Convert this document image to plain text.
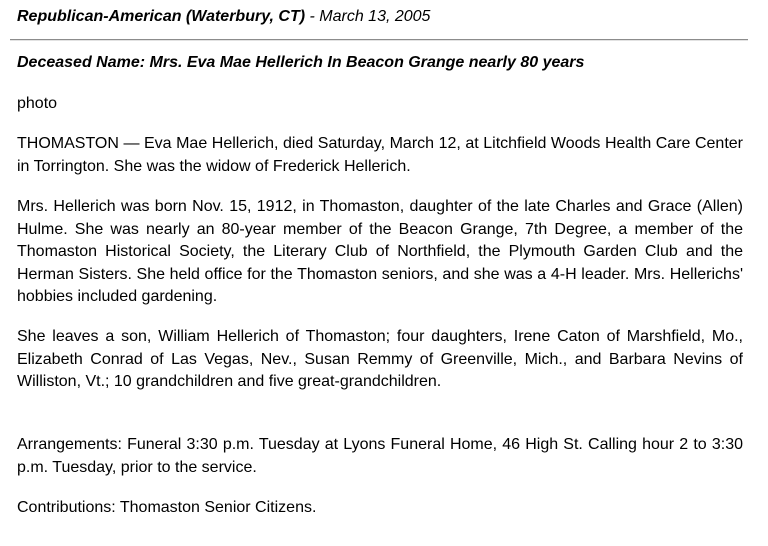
Republican-American (Waterbury, CT) - March 13, 2005
Deceased Name: Mrs. Eva Mae Hellerich In Beacon Grange nearly 80 years

photo

THOMASTON — Eva Mae Hellerich, died Saturday, March 12, at Litchfield Woods Health Care Center in Torrington. She was the widow of Frederick Hellerich.

Mrs. Hellerich was born Nov. 15, 1912, in Thomaston, daughter of the late Charles and Grace (Allen) Hulme. She was nearly an 80-year member of the Beacon Grange, 7th Degree, a member of the Thomaston Historical Society, the Literary Club of Northfield, the Plymouth Garden Club and the Herman Sisters. She held office for the Thomaston seniors, and she was a 4-H leader. Mrs. Hellerichs' hobbies included gardening.

She leaves a son, William Hellerich of Thomaston; four daughters, Irene Caton of Marshfield, Mo., Elizabeth Conrad of Las Vegas, Nev., Susan Remmy of Greenville, Mich., and Barbara Nevins of Williston, Vt.; 10 grandchildren and five great-grandchildren.

Arrangements: Funeral 3:30 p.m. Tuesday at Lyons Funeral Home, 46 High St. Calling hour 2 to 3:30 p.m. Tuesday, prior to the service.

Contributions: Thomaston Senior Citizens.
